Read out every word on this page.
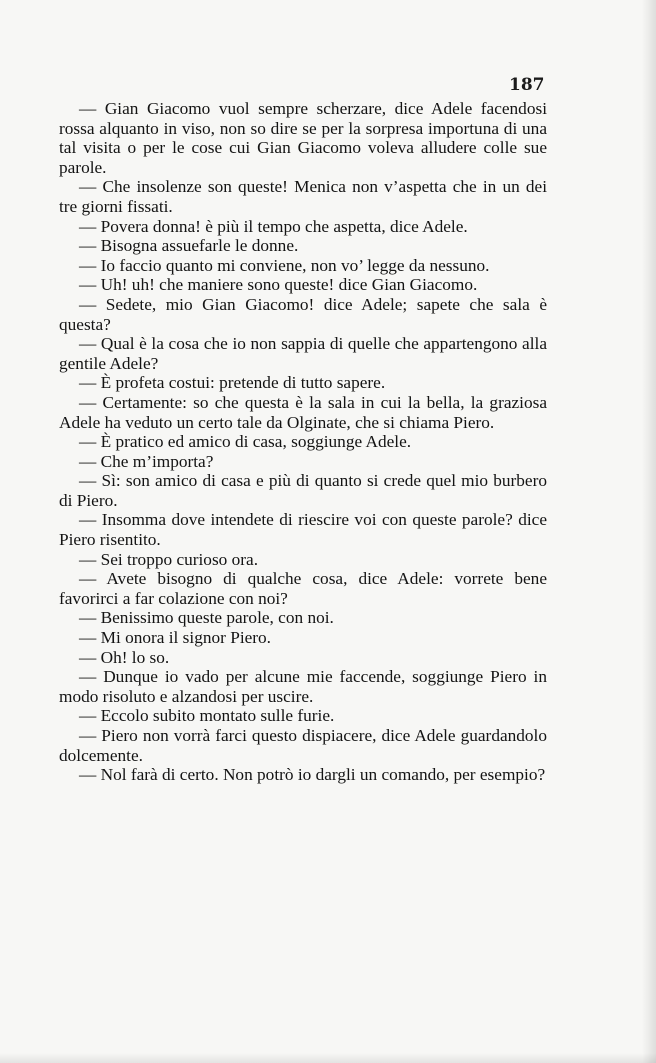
187

— Gian Giacomo vuol sempre scherzare, dice Adele facendosi rossa alquanto in viso, non so dire se per la sorpresa importuna di una tal visita o per le cose cui Gian Giacomo voleva alludere colle sue parole.

— Che insolenze son queste! Menica non v’aspetta che in un dei tre giorni fissati.

— Povera donna! è più il tempo che aspetta, dice Adele.

— Bisogna assuefarle le donne.

— Io faccio quanto mi conviene, non vo’ legge da nessuno.

— Uh! uh! che maniere sono queste! dice Gian Giacomo.

— Sedete, mio Gian Giacomo! dice Adele; sapete che sala è questa?

— Qual è la cosa che io non sappia di quelle che appartengono alla gentile Adele?

— È profeta costui: pretende di tutto sapere.

— Certamente: so che questa è la sala in cui la bella, la graziosa Adele ha veduto un certo tale da Olginate, che si chiama Piero.

— È pratico ed amico di casa, soggiunge Adele.

— Che m’importa?

— Sì: son amico di casa e più di quanto si crede quel mio burbero di Piero.

— Insomma dove intendete di riescire voi con queste parole? dice Piero risentito.

— Sei troppo curioso ora.

— Avete bisogno di qualche cosa, dice Adele: vorrete bene favorirci a far colazione con noi?

— Benissimo queste parole, con noi.

— Mi onora il signor Piero.

— Oh! lo so.

— Dunque io vado per alcune mie faccende, soggiunge Piero in modo risoluto e alzandosi per uscire.

— Eccolo subito montato sulle furie.

— Piero non vorrà farci questo dispiacere, dice Adele guardandolo dolcemente.

— Nol farà di certo. Non potrò io dargli un comando, per esempio?
